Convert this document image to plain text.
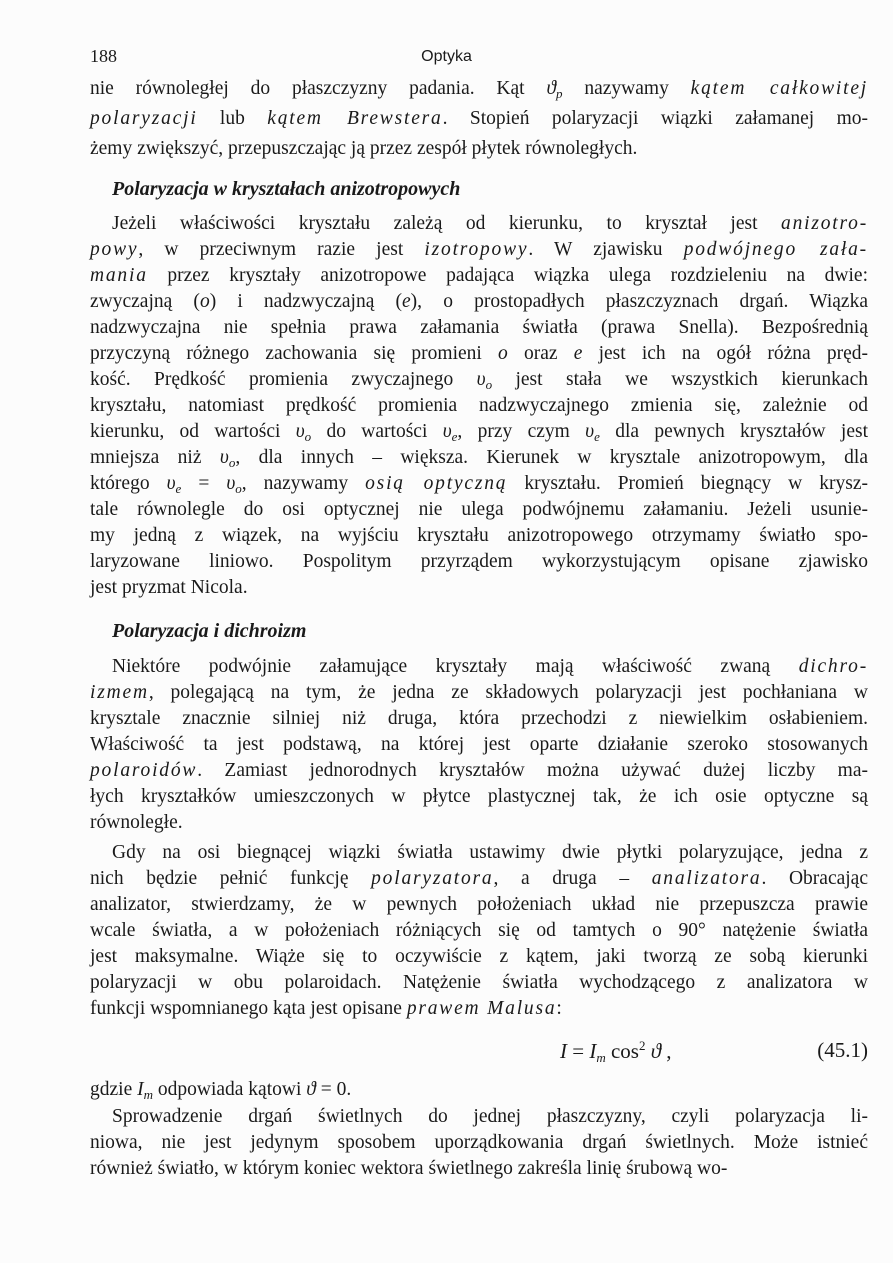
188	Optyka
nie równoległej do płaszczyzny padania. Kąt $ϑ_p$ nazywamy kątem całkowitej
polaryzacji lub kątem Brewstera. Stopień polaryzacji wiązki załamanej mo-
żemy zwiększyć, przepuszczając ją przez zespół płytek równoległych.
Polaryzacja w kryształach anizotropowych
Jeżeli właściwości kryształu zależą od kierunku, to kryształ jest anizotro-
powy, w przeciwnym razie jest izotropowy. W zjawisku podwójnego zała-
mania przez kryształy anizotropowe padająca wiązka ulega rozdzieleniu na dwie:
zwyczajną (o) i nadzwyczajną (e), o prostopadłych płaszczyznach drgań. Wiązka
nadzwyczajna nie spełnia prawa załamania światła (prawa Snella). Bezpośrednią
przyczyną różnego zachowania się promieni o oraz e jest ich na ogół różna pręd-
kość. Prędkość promienia zwyczajnego $\upsilon_o$ jest stała we wszystkich kierunkach
kryształu, natomiast prędkość promienia nadzwyczajnego zmienia się, zależnie od
kierunku, od wartości $\upsilon_o$ do wartości $\upsilon_e$, przy czym $\upsilon_e$ dla pewnych kryształów jest
mniejsza niż $\upsilon_o$, dla innych – większa. Kierunek w krysztale anizotropowym, dla
którego $\upsilon_e = \upsilon_o$, nazywamy osią optyczną kryształu. Promień biegnący w krysz-
tale równolegle do osi optycznej nie ulega podwójnemu załamaniu. Jeżeli usunie-
my jedną z wiązek, na wyjściu kryształu anizotropowego otrzymamy światło spo-
laryzowane liniowo. Pospolitym przyrządem wykorzystującym opisane zjawisko
jest pryzmat Nicola.
Polaryzacja i dichroizm
Niektóre podwójnie załamujące kryształy mają właściwość zwaną dichro-
izmem, polegającą na tym, że jedna ze składowych polaryzacji jest pochłaniana w
krysztale znacznie silniej niż druga, która przechodzi z niewielkim osłabieniem.
Właściwość ta jest podstawą, na której jest oparte działanie szeroko stosowanych
polaroidów. Zamiast jednorodnych kryształów można używać dużej liczby ma-
łych kryształków umieszczonych w płytce plastycznej tak, że ich osie optyczne są
równoległe.
Gdy na osi biegnącej wiązki światła ustawimy dwie płytki polaryzujące, jedna z
nich będzie pełnić funkcję polaryzatora, a druga – analizatora. Obracając
analizator, stwierdzamy, że w pewnych położeniach układ nie przepuszcza prawie
wcale światła, a w położeniach różniących się od tamtych o 90° natężenie światła
jest maksymalne. Wiąże się to oczywiście z kątem, jaki tworzą ze sobą kierunki
polaryzacji w obu polaroidach. Natężenie światła wychodzącego z analizatora w
funkcji wspomnianego kąta jest opisane prawem Malusa:
$I = I_m$ $\cos^2 ϑ$ ,	(45.1)
gdzie $I_m$ odpowiada kątowi ϑ = 0.
Sprowadzenie drgań świetlnych do jednej płaszczyzny, czyli polaryzacja li-
niowa, nie jest jedynym sposobem uporządkowania drgań świetlnych. Może istnieć
również światło, w którym koniec wektora świetlnego zakreśla linię śrubową wo-
